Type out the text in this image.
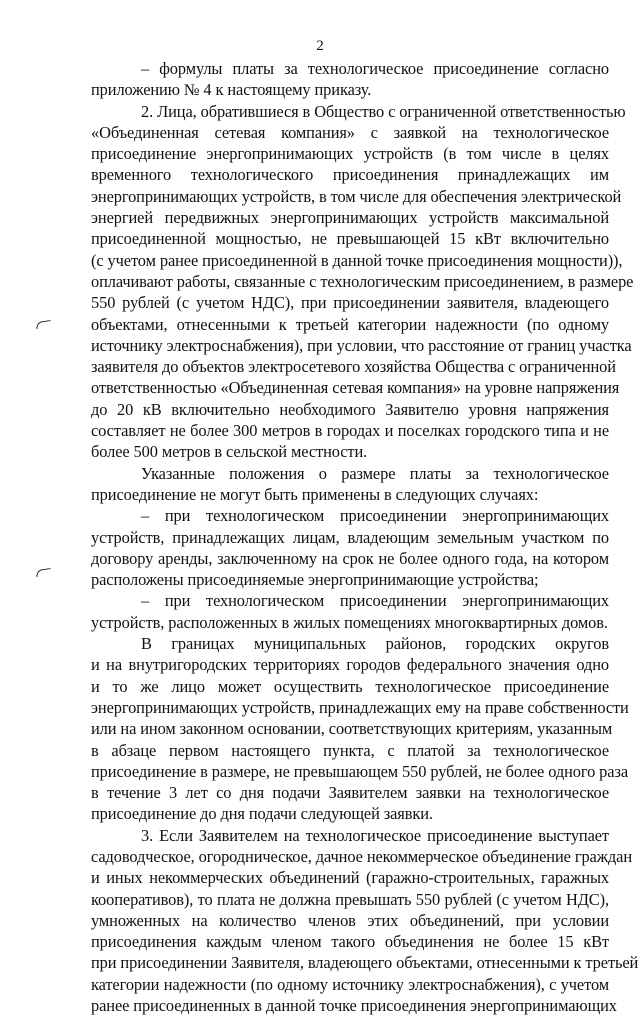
2
– формулы платы за технологическое присоединение согласно
приложению № 4 к настоящему приказу.
2. Лица, обратившиеся в Общество с ограниченной ответственностью
«Объединенная сетевая компания» с заявкой на технологическое
присоединение энергопринимающих устройств (в том числе в целях
временного технологического присоединения принадлежащих им
энергопринимающих устройств, в том числе для обеспечения электрической
энергией передвижных энергопринимающих устройств максимальной
присоединенной мощностью, не превышающей 15 кВт включительно
(с учетом ранее присоединенной в данной точке присоединения мощности)),
оплачивают работы, связанные с технологическим присоединением, в размере
550 рублей (с учетом НДС), при присоединении заявителя, владеющего
объектами, отнесенными к третьей категории надежности (по одному
источнику электроснабжения), при условии, что расстояние от границ участка
заявителя до объектов электросетевого хозяйства Общества с ограниченной
ответственностью «Объединенная сетевая компания» на уровне напряжения
до 20 кВ включительно необходимого Заявителю уровня напряжения
составляет не более 300 метров в городах и поселках городского типа и не
более 500 метров в сельской местности.
Указанные положения о размере платы за технологическое
присоединение не могут быть применены в следующих случаях:
– при технологическом присоединении энергопринимающих
устройств, принадлежащих лицам, владеющим земельным участком по
договору аренды, заключенному на срок не более одного года, на котором
расположены присоединяемые энергопринимающие устройства;
– при технологическом присоединении энергопринимающих
устройств, расположенных в жилых помещениях многоквартирных домов.
В границах муниципальных районов, городских округов
и на внутригородских территориях городов федерального значения одно
и то же лицо может осуществить технологическое присоединение
энергопринимающих устройств, принадлежащих ему на праве собственности
или на ином законном основании, соответствующих критериям, указанным
в абзаце первом настоящего пункта, с платой за технологическое
присоединение в размере, не превышающем 550 рублей, не более одного раза
в течение 3 лет со дня подачи Заявителем заявки на технологическое
присоединение до дня подачи следующей заявки.
3. Если Заявителем на технологическое присоединение выступает
садоводческое, огородническое, дачное некоммерческое объединение граждан
и иных некоммерческих объединений (гаражно-строительных, гаражных
кооперативов), то плата не должна превышать 550 рублей (с учетом НДС),
умноженных на количество членов этих объединений, при условии
присоединения каждым членом такого объединения не более 15 кВт
при присоединении Заявителя, владеющего объектами, отнесенными к третьей
категории надежности (по одному источнику электроснабжения), с учетом
ранее присоединенных в данной точке присоединения энергопринимающих
